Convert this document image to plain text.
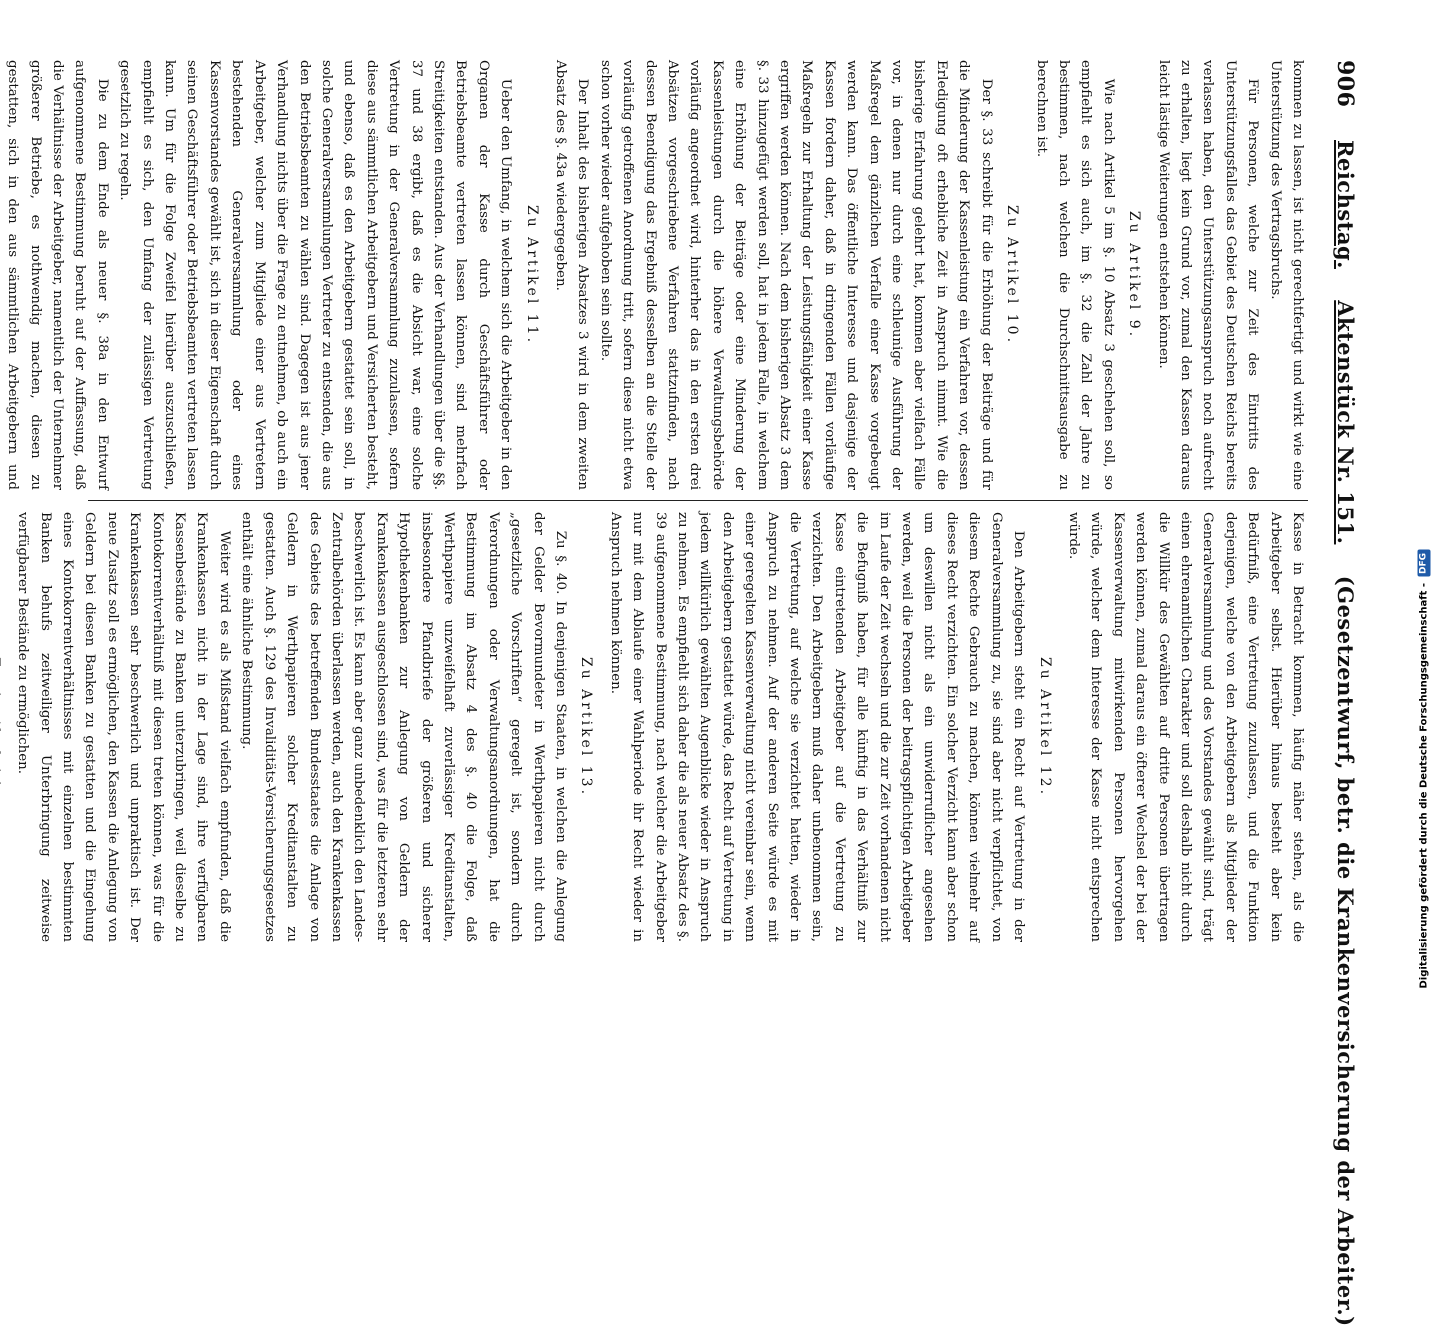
906
Reichstag.    Aktenstück Nr. 151.    (Gesetzentwurf, betr. die Krankenversicherung der Arbeiter.)

kommen zu lassen, ist nicht gerechtfertigt und wirkt wie eine Unterstützung des Vertragsbruchs.

Für Personen, welche zur Zeit des Eintritts des Unterstützungsfalles das Gebiet des Deutschen Reichs bereits verlassen haben, den Unterstützungsanspruch noch aufrecht zu erhalten, liegt kein Grund vor, zumal den Kassen daraus leicht lästige Weiterungen entstehen können.

Zu Artikel 9.

Wie nach Artikel 5 im §. 10 Absatz 3 geschehen soll, so empfiehlt es sich auch, im §. 32 die Zahl der Jahre zu bestimmen, nach welchen die Durchschnittsausgabe zu berechnen ist.

Zu Artikel 10.

Der §. 33 schreibt für die Erhöhung der Beiträge und für die Minderung der Kassenleistung ein Verfahren vor, dessen Erledigung oft erhebliche Zeit in Anspruch nimmt. Wie die bisherige Erfahrung gelehrt hat, kommen aber vielfach Fälle vor, in denen nur durch eine schleunige Ausführung der Maßregel dem gänzlichen Verfalle einer Kasse vorgebeugt werden kann. Das öffentliche Interesse und dasjenige der Kassen fordern daher, daß in dringenden Fällen vorläufige Maßregeln zur Erhaltung der Leistungsfähigkeit einer Kasse ergriffen werden können. Nach dem bisherigen Absatz 3 dem §. 33 hinzugefügt werden soll, hat in jedem Falle, in welchem eine Erhöhung der Beiträge oder eine Minderung der Kassenleistungen durch die höhere Verwaltungsbehörde vorläufig angeordnet wird, hinterher das in den ersten drei Absätzen vorgeschriebene Verfahren stattzufinden, nach dessen Beendigung das Ergebniß desselben an die Stelle der vorläufig getroffenen Anordnung tritt, sofern diese nicht etwa schon vorher wieder aufgehoben sein sollte.

Der Inhalt des bisherigen Absatzes 3 wird in dem zweiten Absatz des §. 43a wiedergegeben.

Zu Artikel 11.

Ueber den Umfang, in welchem sich die Arbeitgeber in den Organen der Kasse durch Geschäftsführer oder Betriebsbeamte vertreten lassen können, sind mehrfach Streitigkeiten entstanden. Aus der Verhandlungen über die §§. 37 und 38 ergibt, daß es die Absicht war, eine solche Vertretung in der Generalversammlung zuzulassen, sofern diese aus sämmtlichen Arbeitgebern und Versicherten besteht, und ebenso, daß es den Arbeitgebern gestattet sein soll, in solche Generalversammlungen Vertreter zu entsenden, die aus den Betriebsbeamten zu wählen sind. Dagegen ist aus jener Verhandlung nichts über die Frage zu entnehmen, ob auch ein Arbeitgeber, welcher zum Mitgliede einer aus Vertretern bestehenden Generalversammlung oder eines Kassenvorstandes gewählt ist, sich in dieser Eigenschaft durch seinen Geschäftsführer oder Betriebsbeamten vertreten lassen kann. Um für die Folge Zweifel hierüber auszuschließen, empfiehlt es sich, den Umfang der zulässigen Vertretung gesetzlich zu regeln.

Die zu dem Ende als neuer §. 38a in den Entwurf aufgenommene Bestimmung beruht auf der Auffassung, daß die Verhältnisse der Arbeitgeber, namentlich der Unternehmer größerer Betriebe, es nothwendig machen, diesen zu gestatten, sich in den aus sämmtlichen Arbeitgebern und

Kasse in Betracht kommen, häufig näher stehen, als die Arbeitgeber selbst. Hierüber hinaus besteht aber kein Bedürfniß, eine Vertretung zuzulassen, und die Funktion derjenigen, welche von den Arbeitgebern als Mitglieder der Generalversammlung und des Vorstandes gewählt sind, trägt einen ehrenamtlichen Charakter und soll deshalb nicht durch die Willkür des Gewählten auf dritte Personen übertragen werden können, zumal daraus ein öfterer Wechsel der bei der Kassenverwaltung mitwirkenden Personen hervorgehen würde, welcher dem Interesse der Kasse nicht entsprechen würde.

Zu Artikel 12.

Den Arbeitgebern steht ein Recht auf Vertretung in der Generalversammlung zu, sie sind aber nicht verpflichtet, von diesem Rechte Gebrauch zu machen, können vielmehr auf dieses Recht verzichten. Ein solcher Verzicht kann aber schon um deswillen nicht als ein unwiderruflicher angesehen werden, weil die Personen der beitragspflichtigen Arbeitgeber im Laufe der Zeit wechseln und die zur Zeit vorhandenen nicht die Befugniß haben, für alle künftig in das Verhältniß zur Kasse eintretenden Arbeitgeber auf die Vertretung zu verzichten. Den Arbeitgebern muß daher unbenommen sein, die Vertretung, auf welche sie verzichtet hatten, wieder in Anspruch zu nehmen. Auf der anderen Seite würde es mit einer geregelten Kassenverwaltung nicht vereinbar sein, wenn den Arbeitgebern gestattet würde, das Recht auf Vertretung in jedem willkürlich gewählten Augenblicke wieder in Anspruch zu nehmen. Es empfiehlt sich daher die als neuer Absatz des §. 39 aufgenommene Bestimmung, nach welcher die Arbeitgeber nur mit dem Ablaufe einer Wahlperiode ihr Recht wieder in Anspruch nehmen können.

Zu Artikel 13.

Zu §. 40. In denjenigen Staaten, in welchen die Anlegung der Gelder Bevormundeter in Werthpapieren nicht durch „gesetzliche Vorschriften“ geregelt ist, sondern durch Verordnungen oder Verwaltungsanordnungen, hat die Bestimmung im Absatz 4 des §. 40 die Folge, daß Werthpapiere unzweifelhaft zuverlässiger Kreditanstalten, insbesondere Pfandbriefe der größeren und sicherer Hypothekenbanken zur Anlegung von Geldern der Krankenkassen ausgeschlossen sind, was für die letzteren sehr beschwerlich ist. Es kann aber ganz unbedenklich den Landes-Zentralbehörden überlassen werden, auch den Krankenkassen des Gebiets des betreffenden Bundesstaates die Anlage von Geldern in Werthpapieren solcher Kreditanstalten zu gestatten. Auch §. 129 des Invaliditäts-Versicherungsgesetzes enthält eine ähnliche Bestimmung.

Weiter wird es als Mißstand vielfach empfunden, daß die Krankenkassen nicht in der Lage sind, ihre verfügbaren Kassenbestände zu Banken unterzubringen, weil dieselbe zu Kontokorrentverhältniß mit diesen treten können, was für die Krankenkassen sehr beschwerlich und unpraktisch ist. Der neue Zusatz soll es ermöglichen, den Kassen die Anlegung von Geldern bei diesen Banken zu gestatten und die Eingehung eines Kontokorrentverhältnisses mit einzelnen bestimmten Banken behufs zeitweiliger Unterbringung zeitweise verfügbarer Bestände zu ermöglichen.	Digitalisierung gefördert durch die Deutsche Forschungsgemeinschaft -
DFG
